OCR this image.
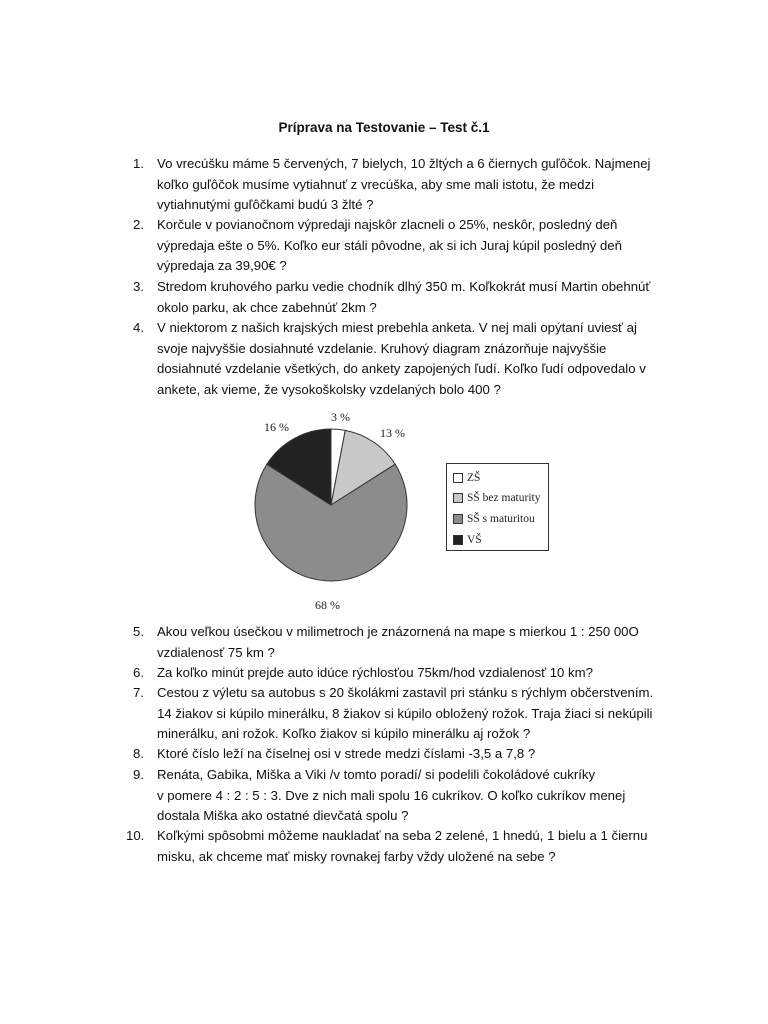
Príprava na Testovanie – Test č.1
1. Vo vrecúšku máme 5 červených, 7 bielych, 10 žltých a 6 čiernych guľôčok. Najmenej
koľko guľôčok musíme vytiahnuť z vrecúška, aby sme mali istotu, že medzi
vytiahnutými guľôčkami budú 3 žlté ?
2. Korčule v povianočnom výpredaji najskôr zlacneli o 25%, neskôr, posledný deň
výpredaja ešte o 5%. Koľko eur stáli pôvodne, ak si ich Juraj kúpil posledný deň
výpredaja za 39,90€ ?
3. Stredom kruhového parku vedie chodník dlhý 350 m. Koľkokrát musí Martin obehnúť
okolo parku, ak chce zabehnúť 2km ?
4. V niektorom z našich krajských miest prebehla anketa. V nej mali opýtaní uviesť aj
svoje najvyššie dosiahnuté vzdelanie. Kruhový diagram znázorňuje najvyššie
dosiahnuté vzdelanie všetkých, do ankety zapojených ľudí. Koľko ľudí odpovedalo v
ankete, ak vieme, že vysokoškolsky vzdelaných bolo 400 ?
5. Akou veľkou úsečkou v milimetroch je znázornená na mape s mierkou 1 : 250 00O
vzdialenosť 75 km ?
6. Za koľko minút prejde auto idúce rýchlosťou 75km/hod vzdialenosť 10 km?
7. Cestou z výletu sa autobus s 20 školákmi zastavil pri stánku s rýchlym občerstvením.
14 žiakov si kúpilo minerálku, 8 žiakov si kúpilo obložený rožok. Traja žiaci si nekúpili
minerálku, ani rožok. Koľko žiakov si kúpilo minerálku aj rožok ?
8. Ktoré číslo leží na číselnej osi v strede medzi číslami -3,5 a 7,8 ?
9. Renáta, Gabika, Miška a Viki /v tomto poradí/ si podelili čokoládové cukríky
v pomere 4 : 2 : 5 : 3. Dve z nich mali spolu 16 cukríkov. O koľko cukríkov menej
dostala Miška ako ostatné dievčatá spolu ?
10. Koľkými spôsobmi môžeme naukladať na seba 2 zelené, 1 hnedú, 1 bielu a 1 čiernu
misku, ak chceme mať misky rovnakej farby vždy uložené na sebe ?
3 %
13 %
68 %
16 %
ZŠ
SŠ bez maturity
SŠ s maturitou
VŠ
